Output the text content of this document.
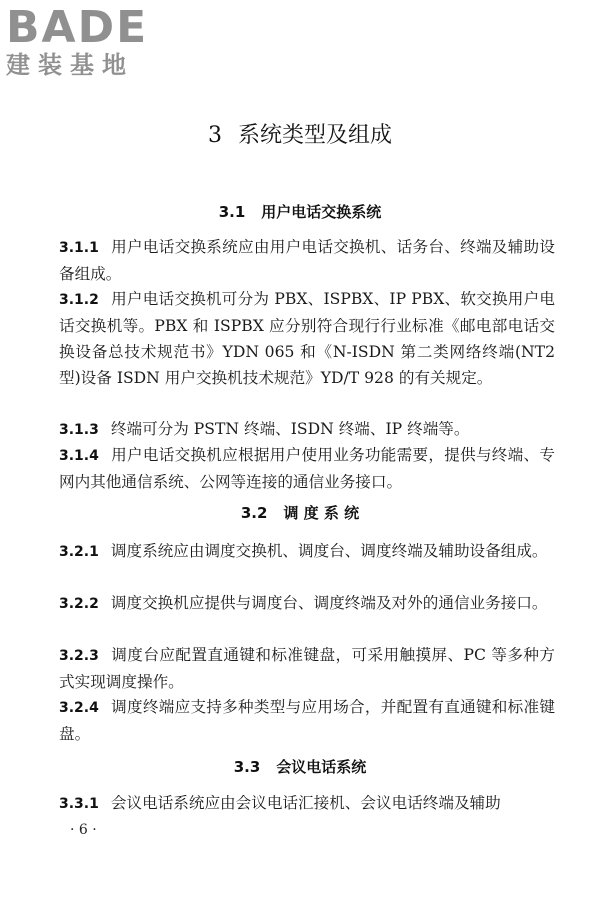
BADE
建装基地
3 系统类型及组成
3.1 用户电话交换系统
3.1.1 用户电话交换系统应由用户电话交换机、话务台、终端及辅助设备组成。
3.1.2 用户电话交换机可分为 PBX、ISPBX、IP PBX、软交换用户电话交换机等。PBX 和 ISPBX 应分别符合现行行业标准《邮电部电话交换设备总技术规范书》YDN 065 和《N-ISDN 第二类网络终端(NT2 型)设备 ISDN 用户交换机技术规范》YD/T 928 的有关规定。
3.1.3 终端可分为 PSTN 终端、ISDN 终端、IP 终端等。
3.1.4 用户电话交换机应根据用户使用业务功能需要，提供与终端、专网内其他通信系统、公网等连接的通信业务接口。
3.2 调 度 系 统
3.2.1 调度系统应由调度交换机、调度台、调度终端及辅助设备组成。
3.2.2 调度交换机应提供与调度台、调度终端及对外的通信业务接口。
3.2.3 调度台应配置直通键和标准键盘，可采用触摸屏、PC 等多种方式实现调度操作。
3.2.4 调度终端应支持多种类型与应用场合，并配置有直通键和标准键盘。
3.3 会议电话系统
3.3.1 会议电话系统应由会议电话汇接机、会议电话终端及辅助
· 6 ·
